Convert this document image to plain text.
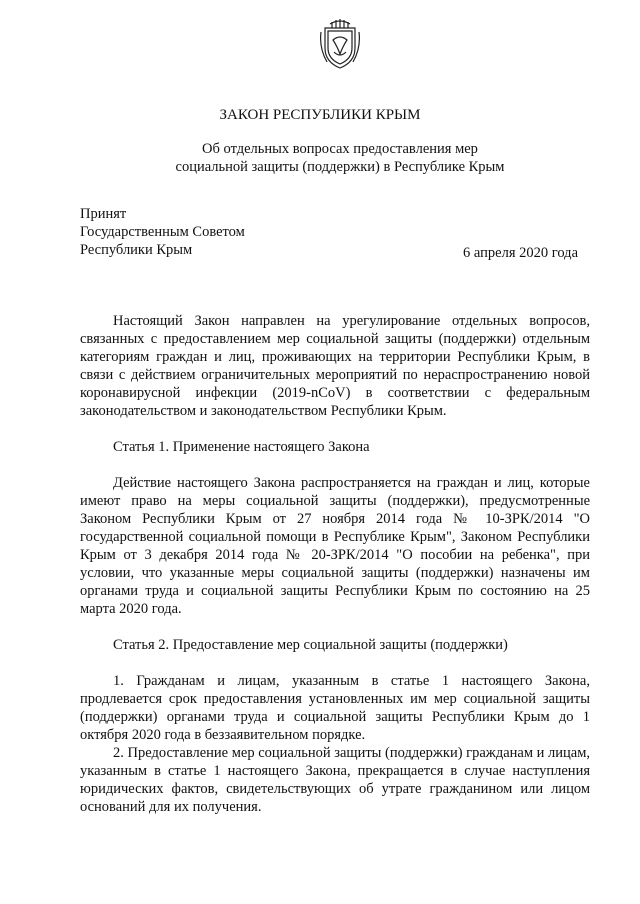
ЗАКОН РЕСПУБЛИКИ КРЫМ
Об отдельных вопросах предоставления мер
социальной защиты (поддержки) в Республике Крым
Принят
Государственным Советом
Республики Крым	6 апреля 2020 года

Настоящий Закон направлен на урегулирование отдельных вопросов, связанных с предоставлением мер социальной защиты (поддержки) отдельным категориям граждан и лиц, проживающих на территории Республики Крым, в связи с действием ограничительных мероприятий по нераспространению новой коронавирусной инфекции (2019-nCoV) в соответствии с федеральным законодательством и законодательством Республики Крым.

Статья 1. Применение настоящего Закона

Действие настоящего Закона распространяется на граждан и лиц, которые имеют право на меры социальной защиты (поддержки), предусмотренные Законом Республики Крым от 27 ноября 2014 года № 10-ЗРК/2014 "О государственной социальной помощи в Республике Крым", Законом Республики Крым от 3 декабря 2014 года № 20-ЗРК/2014 "О пособии на ребенка", при условии, что указанные меры социальной защиты (поддержки) назначены им органами труда и социальной защиты Республики Крым по состоянию на 25 марта 2020 года.

Статья 2. Предоставление мер социальной защиты (поддержки)

1. Гражданам и лицам, указанным в статье 1 настоящего Закона, продлевается срок предоставления установленных им мер социальной защиты (поддержки) органами труда и социальной защиты Республики Крым до 1 октября 2020 года в беззаявительном порядке.

2. Предоставление мер социальной защиты (поддержки) гражданам и лицам, указанным в статье 1 настоящего Закона, прекращается в случае наступления юридических фактов, свидетельствующих об утрате гражданином или лицом оснований для их получения.
